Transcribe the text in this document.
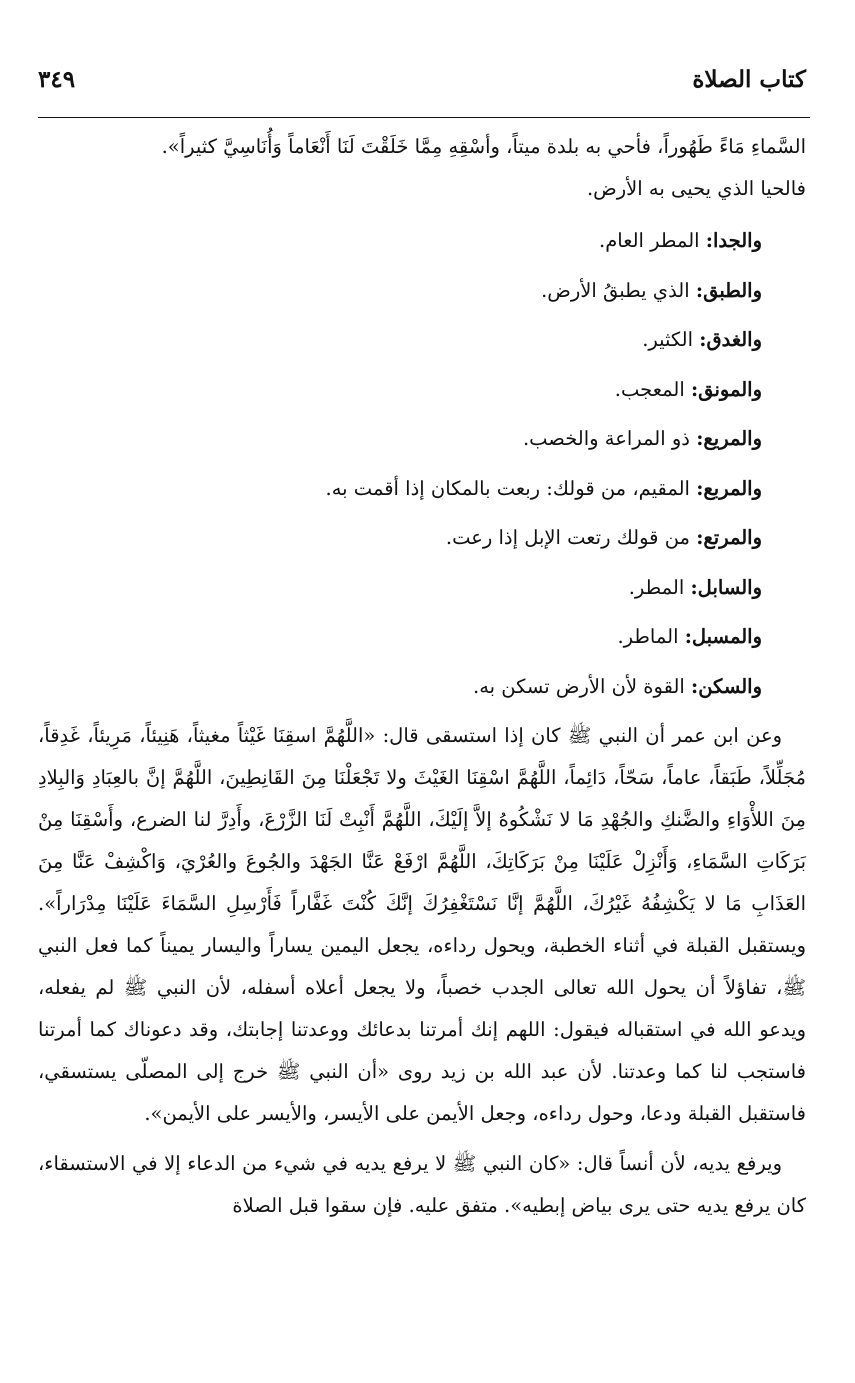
كتاب الصلاة
٣٤٩

السَّماءِ مَاءً طَهُوراً، فأحي به بلدة ميتاً، وأسْقِهِ مِمَّا خَلَقْتَ لَنَا أَنْعَاماً وَأُنَاسِيَّ كثيراً».

فالحيا الذي يحيى به الأرض.

والجدا: المطر العام.
والطبق: الذي يطبقُ الأرض.
والغدق: الكثير.
والمونق: المعجب.
والمريع: ذو المراعة والخصب.
والمربع: المقيم، من قولك: ربعت بالمكان إذا أقمت به.
والمرتع: من قولك رتعت الإبل إذا رعت.
والسابل: المطر.
والمسبل: الماطر.
والسكن: القوة لأن الأرض تسكن به.

وعن ابن عمر أن النبي ﷺ كان إذا استسقى قال: «اللَّهُمَّ اسقِنَا غَيْثاً مغيثاً، هَنِيئاً، مَرِيئاً، غَدِقاً، مُجَلِّلاً، طَبَقاً، عاماً، سَحّاً، دَائِماً، اللَّهُمَّ اسْقِنَا الغَيْثَ ولا تَجْعَلْنَا مِنَ القَانِطِينَ، اللَّهُمَّ إنَّ بالعِبَادِ وَالبِلادِ مِنَ اللأْوَاءِ والضَّنكِ والجُهْدِ مَا لا نَشْكُوهُ إلاَّ إلَيْكَ، اللَّهُمَّ أَنْبِتْ لَنَا الزَّرْعَ، وأَدِرَّ لنا الضرع، وأَسْقِنَا مِنْ بَرَكَاتِ السَّمَاءِ، وَأَنْزِلْ عَلَيْنَا مِنْ بَرَكَاتِكَ، اللَّهُمَّ ارْفَعْ عَنَّا الجَهْدَ والجُوعَ والعُرْيَ، وَاكْشِفْ عَنَّا مِنَ العَذَابِ مَا لا يَكْشِفُهُ غَيْرُكَ، اللَّهُمَّ إنَّا نَسْتَغْفِرُكَ إنَّكَ كُنْتَ غَفَّاراً فَأَرْسِلِ السَّمَاءَ عَلَيْنَا مِدْرَاراً». ويستقبل القبلة في أثناء الخطبة، ويحول رداءه، يجعل اليمين يساراً واليسار يميناً كما فعل النبي ﷺ، تفاؤلاً أن يحول الله تعالى الجدب خصباً، ولا يجعل أعلاه أسفله، لأن النبي ﷺ لم يفعله، ويدعو الله في استقباله فيقول: اللهم إنك أمرتنا بدعائك ووعدتنا إجابتك، وقد دعوناك كما أمرتنا فاستجب لنا كما وعدتنا. لأن عبد الله بن زيد روى «أن النبي ﷺ خرج إلى المصلّى يستسقي، فاستقبل القبلة ودعا، وحول رداءه، وجعل الأيمن على الأيسر، والأيسر على الأيمن».

ويرفع يديه، لأن أنساً قال: «كان النبي ﷺ لا يرفع يديه في شيء من الدعاء إلا في الاستسقاء، كان يرفع يديه حتى يرى بياض إبطيه». متفق عليه. فإن سقوا قبل الصلاة
